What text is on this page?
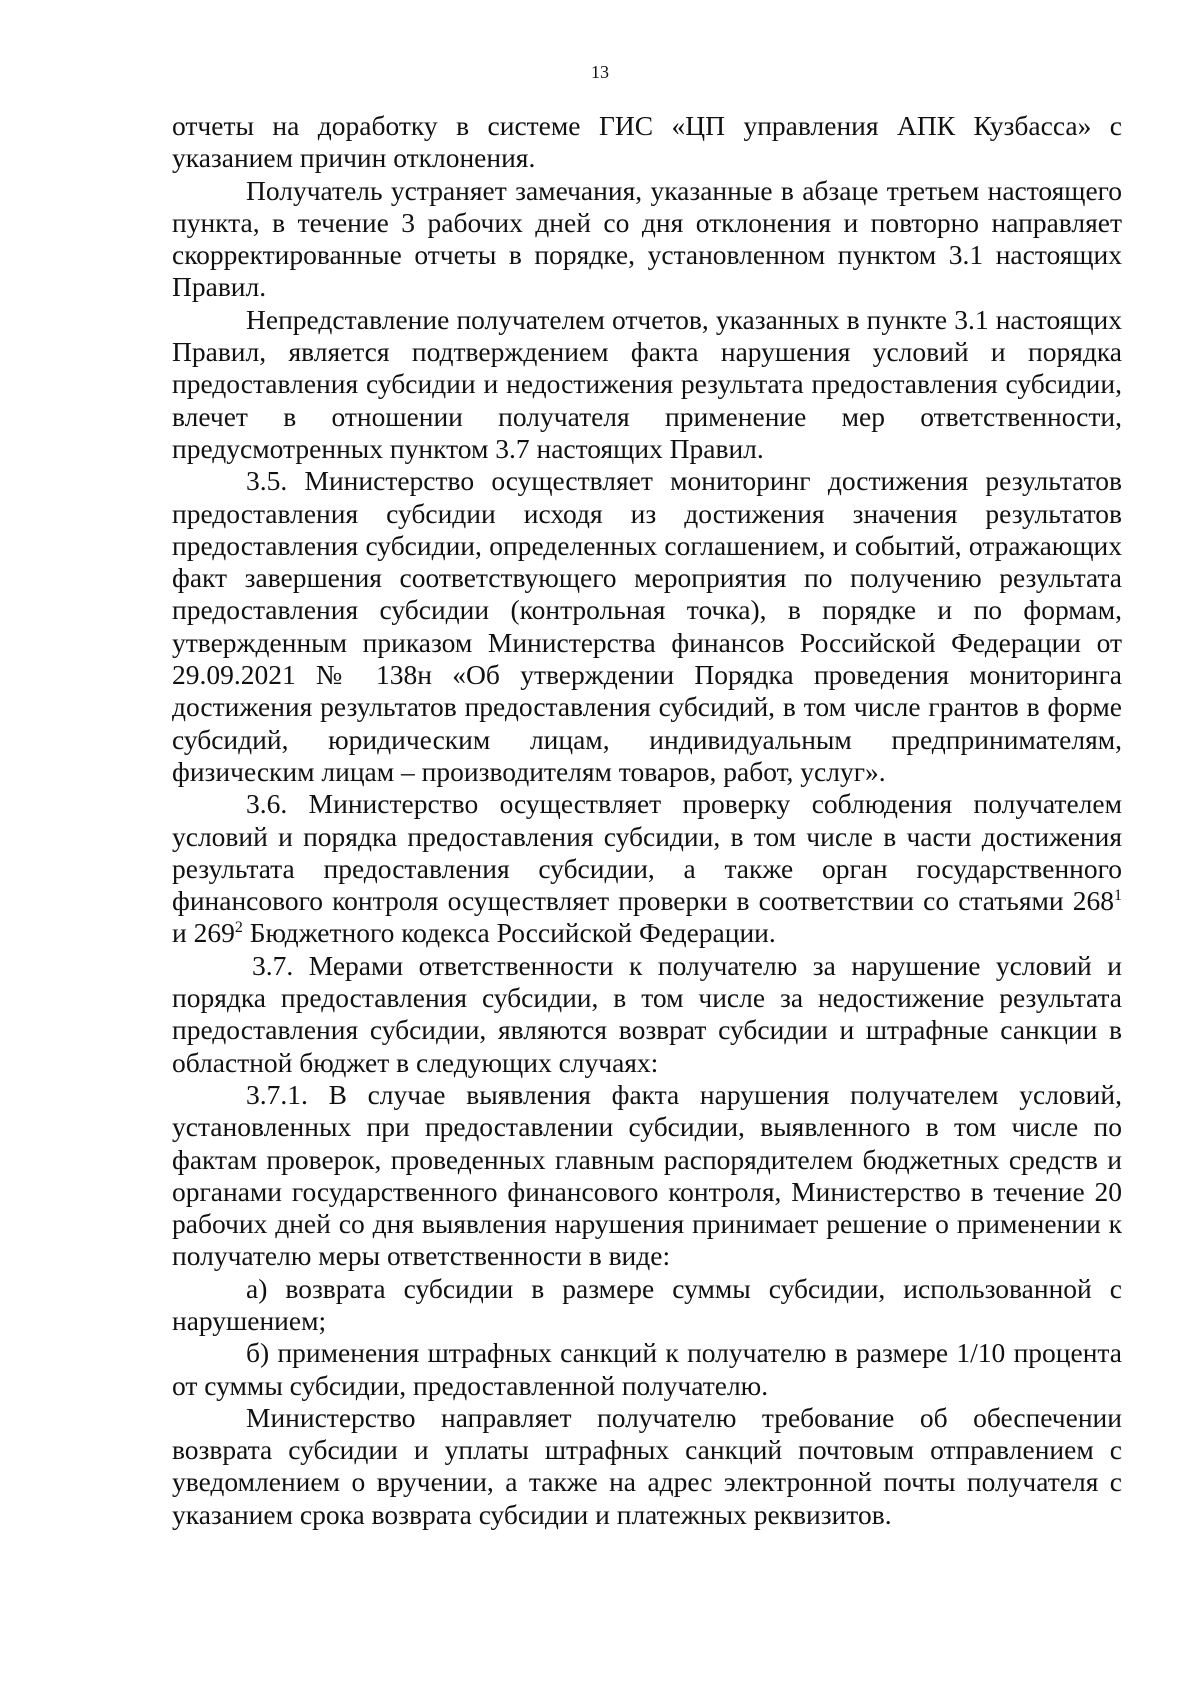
13

отчеты на доработку в системе ГИС «ЦП управления АПК Кузбасса» с указанием причин отклонения.

Получатель устраняет замечания, указанные в абзаце третьем настоящего пункта, в течение 3 рабочих дней со дня отклонения и повторно направляет скорректированные отчеты в порядке, установленном пунктом 3.1 настоящих Правил.

Непредставление получателем отчетов, указанных в пункте 3.1 настоящих Правил, является подтверждением факта нарушения условий и порядка предоставления субсидии и недостижения результата предоставления субсидии, влечет в отношении получателя применение мер ответственности, предусмотренных пунктом 3.7 настоящих Правил.

3.5. Министерство осуществляет мониторинг достижения результатов предоставления субсидии исходя из достижения значения результатов предоставления субсидии, определенных соглашением, и событий, отражающих факт завершения соответствующего мероприятия по получению результата предоставления субсидии (контрольная точка), в порядке и по формам, утвержденным приказом Министерства финансов Российской Федерации от 29.09.2021 № 138н «Об утверждении Порядка проведения мониторинга достижения результатов предоставления субсидий, в том числе грантов в форме субсидий, юридическим лицам, индивидуальным предпринимателям, физическим лицам – производителям товаров, работ, услуг».

3.6. Министерство осуществляет проверку соблюдения получателем условий и порядка предоставления субсидии, в том числе в части достижения результата предоставления субсидии, а также орган государственного финансового контроля осуществляет проверки в соответствии со статьями $268^1$ и $269^2$ Бюджетного кодекса Российской Федерации.

3.7. Мерами ответственности к получателю за нарушение условий и порядка предоставления субсидии, в том числе за недостижение результата предоставления субсидии, являются возврат субсидии и штрафные санкции в областной бюджет в следующих случаях:

3.7.1. В случае выявления факта нарушения получателем условий, установленных при предоставлении субсидии, выявленного в том числе по фактам проверок, проведенных главным распорядителем бюджетных средств и органами государственного финансового контроля, Министерство в течение 20 рабочих дней со дня выявления нарушения принимает решение о применении к получателю меры ответственности в виде:

а) возврата субсидии в размере суммы субсидии, использованной с нарушением;

б) применения штрафных санкций к получателю в размере 1/10 процента от суммы субсидии, предоставленной получателю.

Министерство направляет получателю требование об обеспечении возврата субсидии и уплаты штрафных санкций почтовым отправлением с уведомлением о вручении, а также на адрес электронной почты получателя с указанием срока возврата субсидии и платежных реквизитов.
